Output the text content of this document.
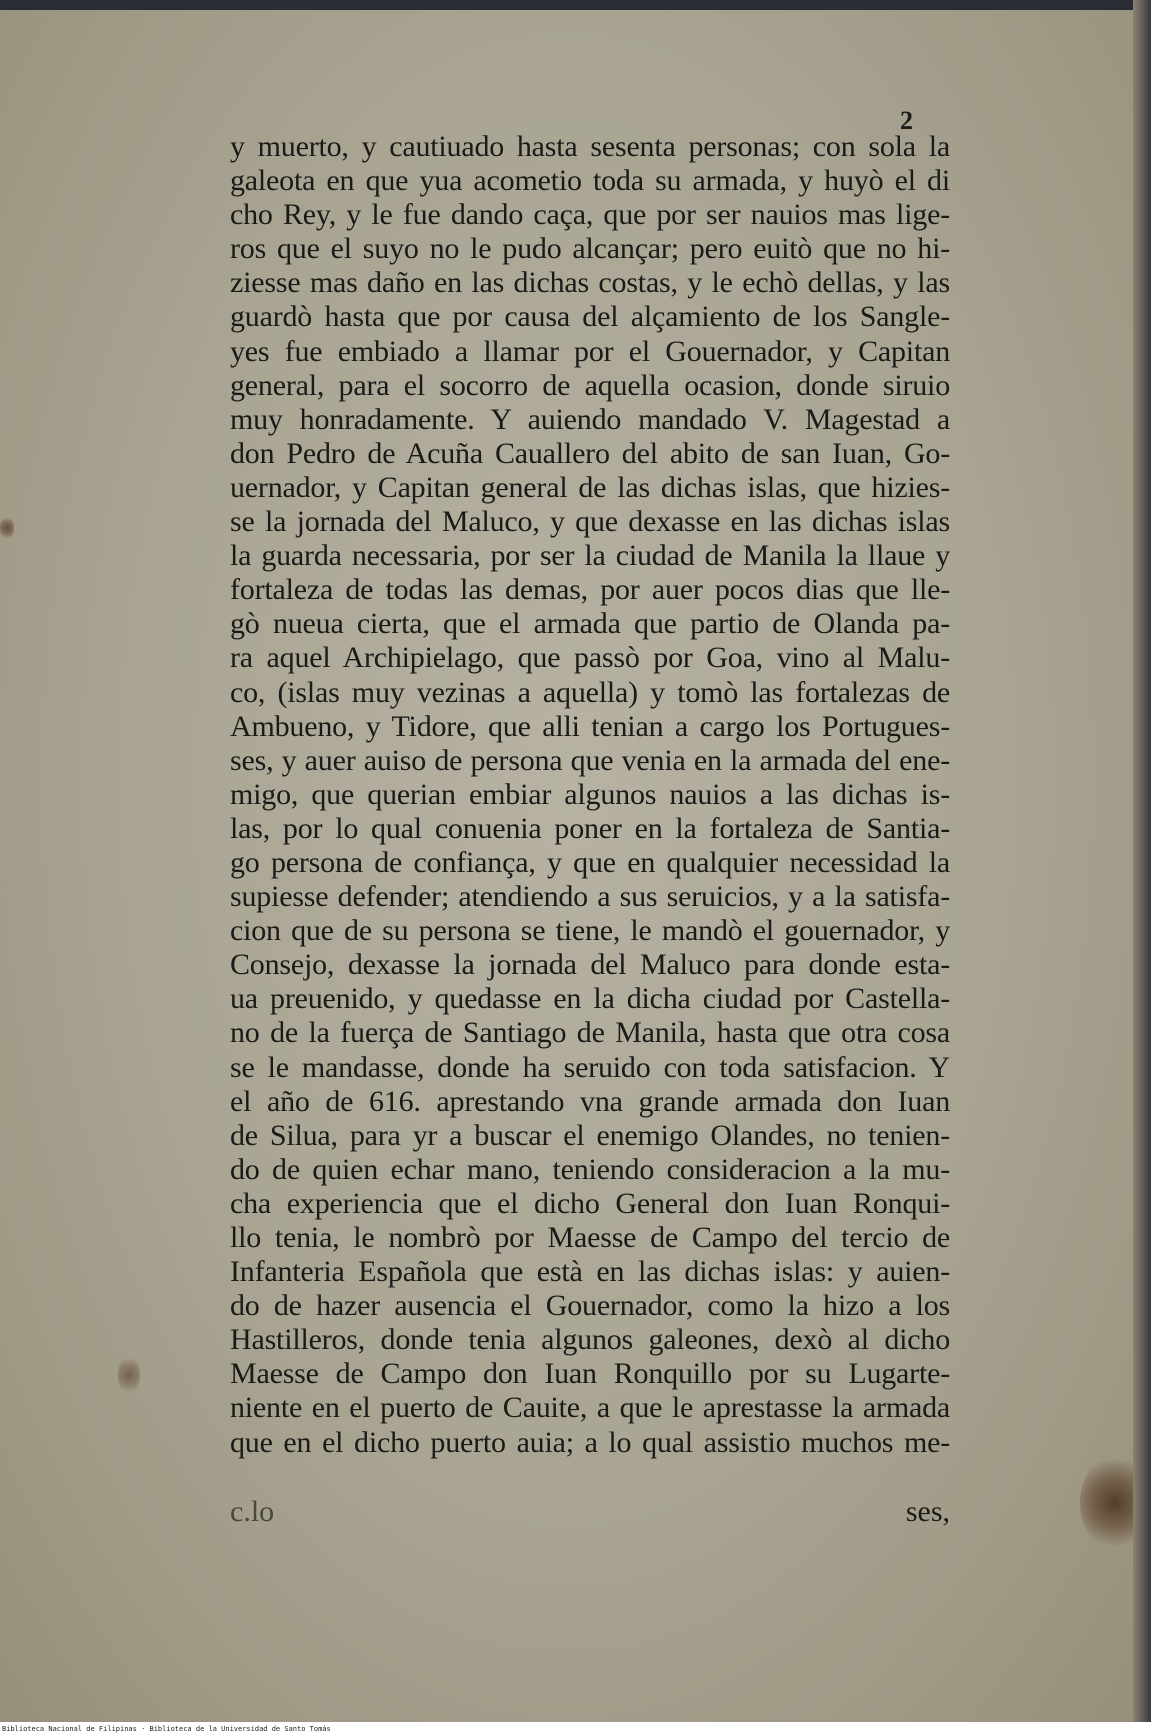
2
y muerto, y cautiuado hasta sesenta personas; con sola la
galeota en que yua acometio toda su armada, y huyò el di
cho Rey, y le fue dando caça, que por ser nauios mas lige-
ros que el suyo no le pudo alcançar; pero euitò que no hi-
ziesse mas daño en las dichas costas, y le echò dellas, y las
guardò hasta que por causa del alçamiento de los Sangle-
yes fue embiado a llamar por el Gouernador, y Capitan
general, para el socorro de aquella ocasion, donde siruio
muy honradamente. Y auiendo mandado V. Magestad a
don Pedro de Acuña Cauallero del abito de san Iuan, Go-
uernador, y Capitan general de las dichas islas, que hizies-
se la jornada del Maluco, y que dexasse en las dichas islas
la guarda necessaria, por ser la ciudad de Manila la llaue y
fortaleza de todas las demas, por auer pocos dias que lle-
gò nueua cierta, que el armada que partio de Olanda pa-
ra aquel Archipielago, que passò por Goa, vino al Malu-
co, (islas muy vezinas a aquella) y tomò las fortalezas de
Ambueno, y Tidore, que alli tenian a cargo los Portugues-
ses, y auer auiso de persona que venia en la armada del ene-
migo, que querian embiar algunos nauios a las dichas is-
las, por lo qual conuenia poner en la fortaleza de Santia-
go persona de confiança, y que en qualquier necessidad la
supiesse defender; atendiendo a sus seruicios, y a la satisfa-
cion que de su persona se tiene, le mandò el gouernador, y
Consejo, dexasse la jornada del Maluco para donde esta-
ua preuenido, y quedasse en la dicha ciudad por Castella-
no de la fuerça de Santiago de Manila, hasta que otra cosa
se le mandasse, donde ha seruido con toda satisfacion. Y
el año de 616. aprestando vna grande armada don Iuan
de Silua, para yr a buscar el enemigo Olandes, no tenien-
do de quien echar mano, teniendo consideracion a la mu-
cha experiencia que el dicho General don Iuan Ronqui-
llo tenia, le nombrò por Maesse de Campo del tercio de
Infanteria Española que està en las dichas islas: y auien-
do de hazer ausencia el Gouernador, como la hizo a los
Hastilleros, donde tenia algunos galeones, dexò al dicho
Maesse de Campo don Iuan Ronquillo por su Lugarte-
niente en el puerto de Cauite, a que le aprestasse la armada
que en el dicho puerto auia; a lo qual assistio muchos me-
c.lo	ses,
Biblioteca Nacional de Filipinas · Biblioteca de la Universidad de Santo Tomás
